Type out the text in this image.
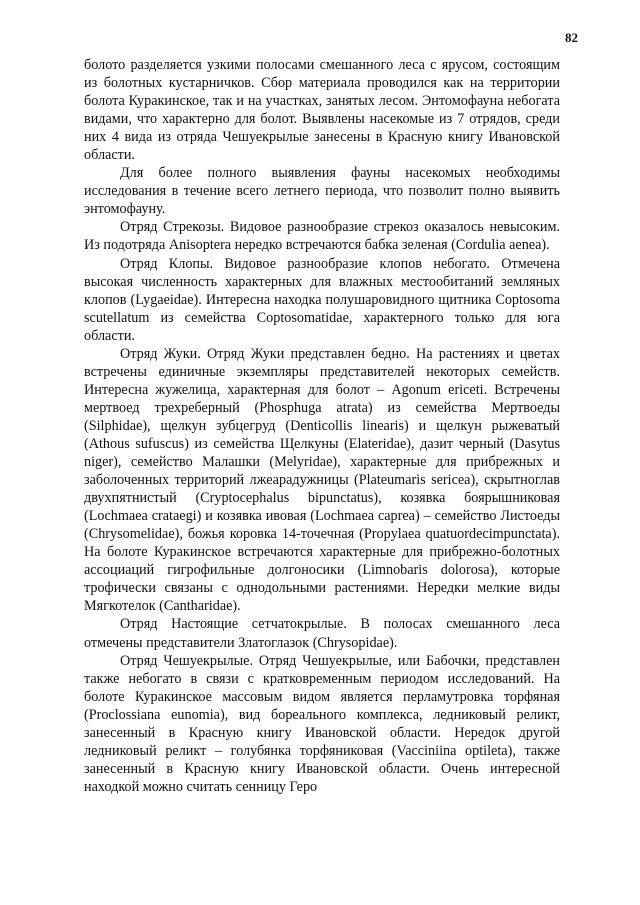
82

болото разделяется узкими полосами смешанного леса с ярусом, состоящим из болотных кустарничков. Сбор материала проводился как на территории болота Куракинское, так и на участках, занятых лесом. Энтомофауна небогата видами, что характерно для болот. Выявлены насекомые из 7 отрядов, среди них 4 вида из отряда Чешуекрылые занесены в Красную книгу Ивановской области.

Для более полного выявления фауны насекомых необходимы исследования в течение всего летнего периода, что позволит полно выявить энтомофауну.

Отряд Стрекозы. Видовое разнообразие стрекоз оказалось невысоким. Из подотряда Anisoptera нередко встречаются бабка зеленая (Cordulia aenea).

Отряд Клопы. Видовое разнообразие клопов небогато. Отмечена высокая численность характерных для влажных местообитаний земляных клопов (Lygaeidae). Интересна находка полушаровидного щитника Coptosoma scutellatum из семейства Coptosomatidae, характерного только для юга области.

Отряд Жуки. Отряд Жуки представлен бедно. На растениях и цветах встречены единичные экземпляры представителей некоторых семейств. Интересна жужелица, характерная для болот – Agonum ericeti. Встречены мертвоед трехреберный (Phosphuga atrata) из семейства Мертвоеды (Silphidae), щелкун зубцегруд (Denticollis linearis) и щелкун рыжеватый (Athous sufuscus) из семейства Щелкуны (Elateridae), дазит черный (Dasytus niger), семейство Малашки (Melyridae), характерные для прибрежных и заболоченных территорий лжеарадужницы (Plateumaris sericea), скрытноглав двухпятнистый (Cryptocephalus bipunctatus), козявка боярышниковая (Lochmaea crataegi) и козявка ивовая (Lochmaea caprea) – семейство Листоеды (Chrysomelidae), божья коровка 14-точечная (Propylaea quatuordecimpunctata). На болоте Куракинское встречаются характерные для прибрежно-болотных ассоциаций гигрофильные долгоносики (Limnobaris dolorosa), которые трофически связаны с однодольными растениями. Нередки мелкие виды Мягкотелок (Cantharidae).

Отряд Настоящие сетчатокрылые. В полосах смешанного леса отмечены представители Златоглазок (Chrysopidae).

Отряд Чешуекрылые. Отряд Чешуекрылые, или Бабочки, представлен также небогато в связи с кратковременным периодом исследований. На болоте Куракинское массовым видом является перламутровка торфяная (Proclossiana eunomia), вид бореального комплекса, ледниковый реликт, занесенный в Красную книгу Ивановской области. Нередок другой ледниковый реликт – голубянка торфяниковая (Vacciniina optileta), также занесенный в Красную книгу Ивановской области. Очень интересной находкой можно считать сенницу Геро
